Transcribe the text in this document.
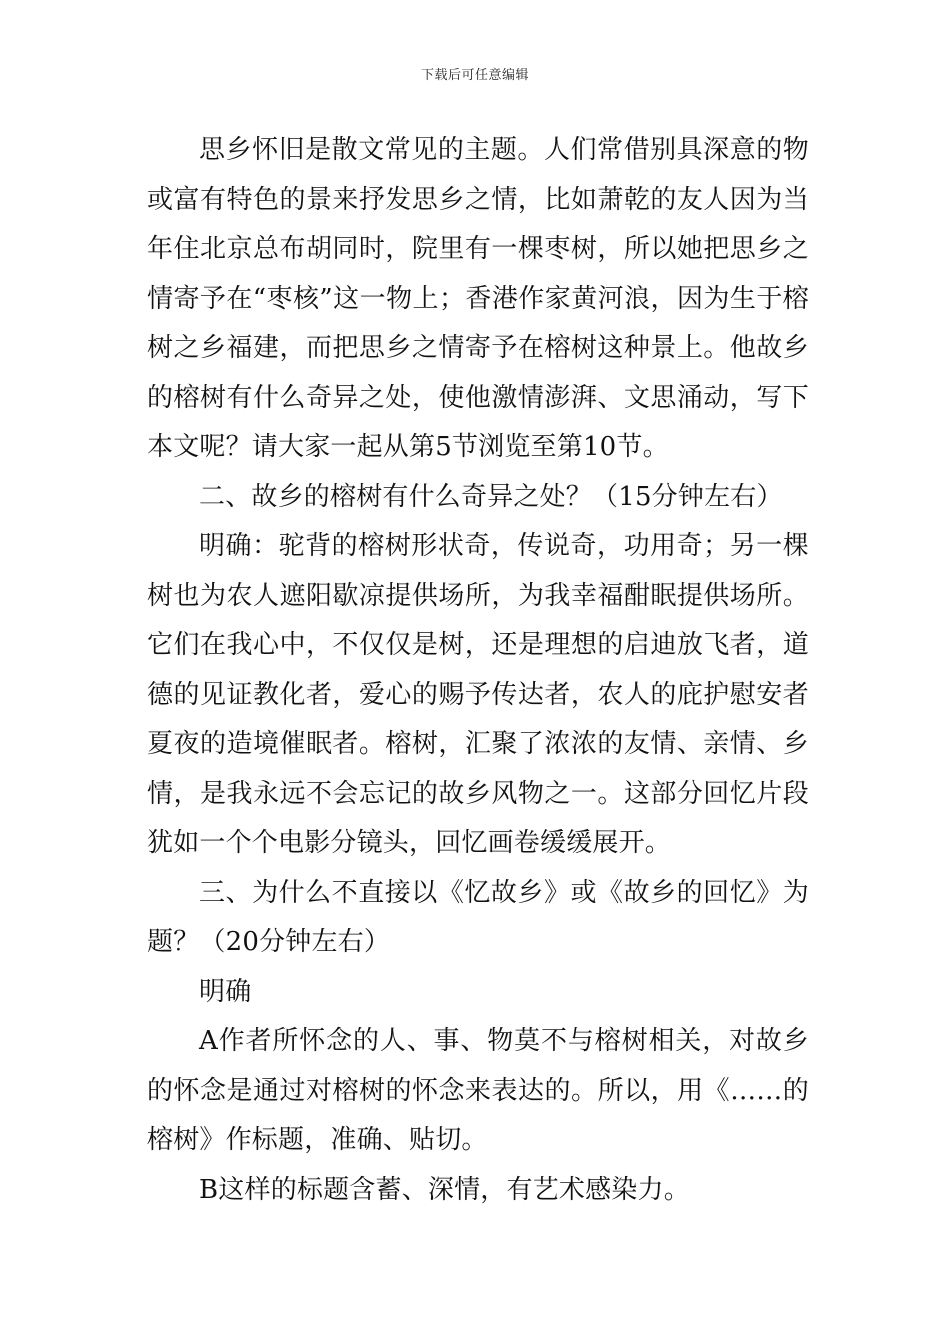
下载后可任意编辑

思乡怀旧是散文常见的主题。人们常借别具深意的物或富有特色的景来抒发思乡之情，比如萧乾的友人因为当年住北京总布胡同时，院里有一棵枣树，所以她把思乡之情寄予在“枣核”这一物上；香港作家黄河浪，因为生于榕树之乡福建，而把思乡之情寄予在榕树这种景上。他故乡的榕树有什么奇异之处，使他激情澎湃、文思涌动，写下本文呢？请大家一起从第5节浏览至第10节。

二、故乡的榕树有什么奇异之处？（15分钟左右）

明确：驼背的榕树形状奇，传说奇，功用奇；另一棵树也为农人遮阳歇凉提供场所，为我幸福酣眠提供场所。它们在我心中，不仅仅是树，还是理想的启迪放飞者，道德的见证教化者，爱心的赐予传达者，农人的庇护慰安者夏夜的造境催眠者。榕树，汇聚了浓浓的友情、亲情、乡情，是我永远不会忘记的故乡风物之一。这部分回忆片段犹如一个个电影分镜头，回忆画卷缓缓展开。

三、为什么不直接以《忆故乡》或《故乡的回忆》为题？（20分钟左右）

明确

A作者所怀念的人、事、物莫不与榕树相关，对故乡的怀念是通过对榕树的怀念来表达的。所以，用《……的榕树》作标题，准确、贴切。

B这样的标题含蓄、深情，有艺术感染力。
